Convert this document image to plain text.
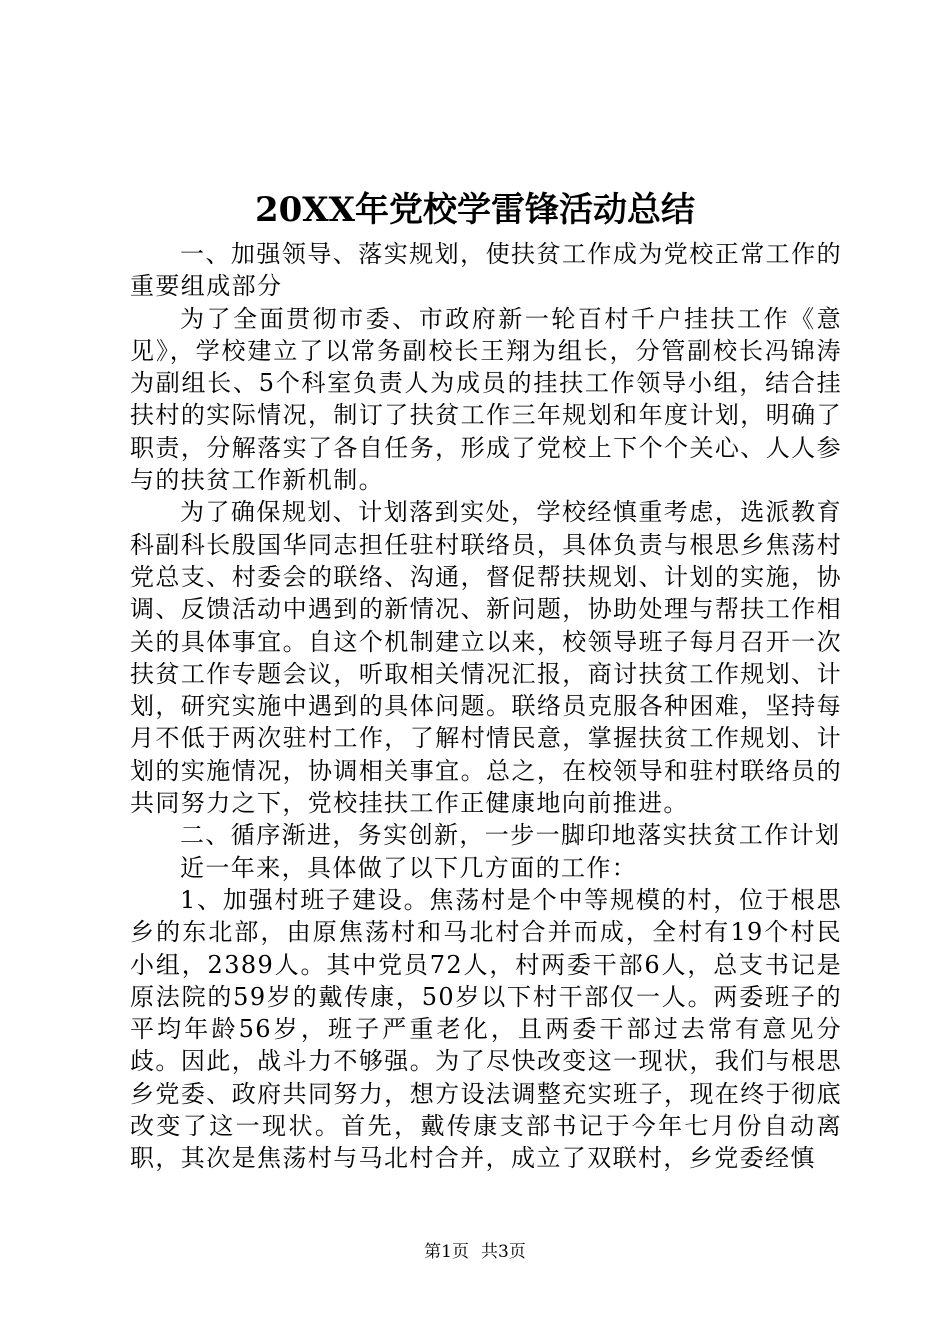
20XX年党校学雷锋活动总结

一、加强领导、落实规划，使扶贫工作成为党校正常工作的重要组成部分

为了全面贯彻市委、市政府新一轮百村千户挂扶工作《意见》，学校建立了以常务副校长王翔为组长，分管副校长冯锦涛为副组长、5个科室负责人为成员的挂扶工作领导小组，结合挂扶村的实际情况，制订了扶贫工作三年规划和年度计划，明确了职责，分解落实了各自任务，形成了党校上下个个关心、人人参与的扶贫工作新机制。

为了确保规划、计划落到实处，学校经慎重考虑，选派教育科副科长殷国华同志担任驻村联络员，具体负责与根思乡焦荡村党总支、村委会的联络、沟通，督促帮扶规划、计划的实施，协调、反馈活动中遇到的新情况、新问题，协助处理与帮扶工作相关的具体事宜。自这个机制建立以来，校领导班子每月召开一次扶贫工作专题会议，听取相关情况汇报，商讨扶贫工作规划、计划，研究实施中遇到的具体问题。联络员克服各种困难，坚持每月不低于两次驻村工作，了解村情民意，掌握扶贫工作规划、计划的实施情况，协调相关事宜。总之，在校领导和驻村联络员的共同努力之下，党校挂扶工作正健康地向前推进。

二、循序渐进，务实创新，一步一脚印地落实扶贫工作计划

近一年来，具体做了以下几方面的工作：

1、加强村班子建设。焦荡村是个中等规模的村，位于根思乡的东北部，由原焦荡村和马北村合并而成，全村有19个村民小组，2389人。其中党员72人，村两委干部6人，总支书记是原法院的59岁的戴传康，50岁以下村干部仅一人。两委班子的平均年龄56岁，班子严重老化，且两委干部过去常有意见分歧。因此，战斗力不够强。为了尽快改变这一现状，我们与根思乡党委、政府共同努力，想方设法调整充实班子，现在终于彻底改变了这一现状。首先，戴传康支部书记于今年七月份自动离职，其次是焦荡村与马北村合并，成立了双联村，乡党委经慎

第1页 共3页
